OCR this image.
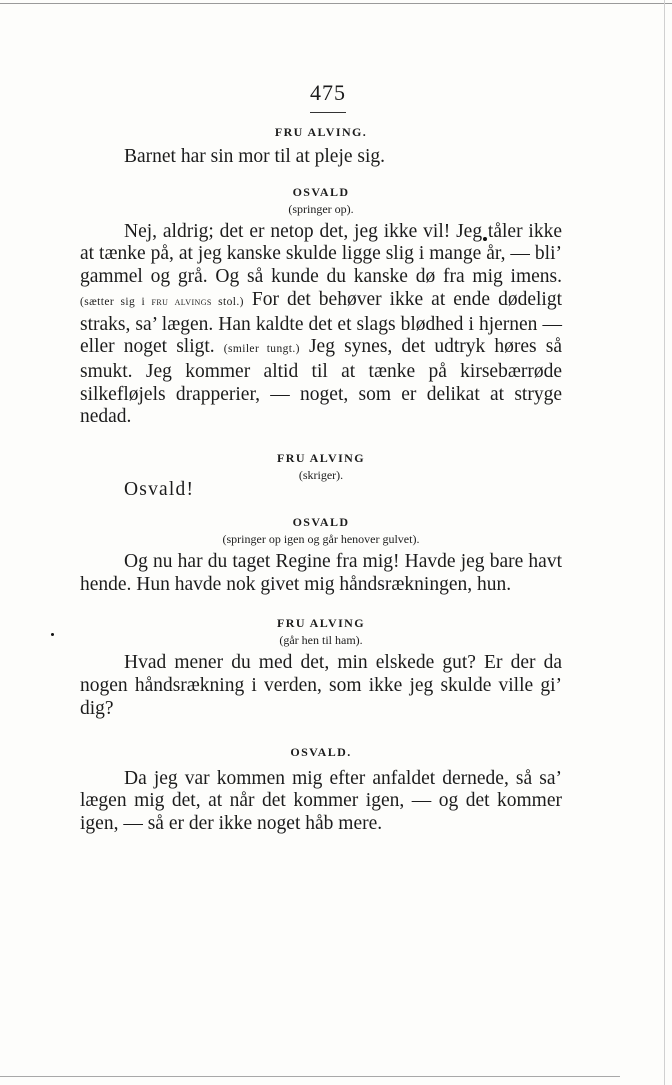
475

FRU ALVING.

Barnet har sin mor til at pleje sig.

OSVALD

(springer op).

Nej, aldrig; det er netop det, jeg ikke vil! Jeg tåler ikke at tænke på, at jeg kanske skulde ligge slig i mange år, — bli’ gammel og grå. Og så kunde du kanske dø fra mig imens. (sætter sig i fru alvings stol.) For det behøver ikke at ende dødeligt straks, sa’ lægen. Han kaldte det et slags blødhed i hjernen — eller noget sligt. (smiler tungt.) Jeg synes, det udtryk høres så smukt. Jeg kommer altid til at tænke på kirsebærrøde silkefløjels drapperier, — noget, som er delikat at stryge nedad.

FRU ALVING

(skriger).

Osvald!

OSVALD

(springer op igen og går henover gulvet).

Og nu har du taget Regine fra mig! Havde jeg bare havt hende. Hun havde nok givet mig håndsrækningen, hun.

FRU ALVING

(går hen til ham).

Hvad mener du med det, min elskede gut? Er der da nogen håndsrækning i verden, som ikke jeg skulde ville gi’ dig?

OSVALD.

Da jeg var kommen mig efter anfaldet dernede, så sa’ lægen mig det, at når det kommer igen, — og det kommer igen, — så er der ikke noget håb mere.
